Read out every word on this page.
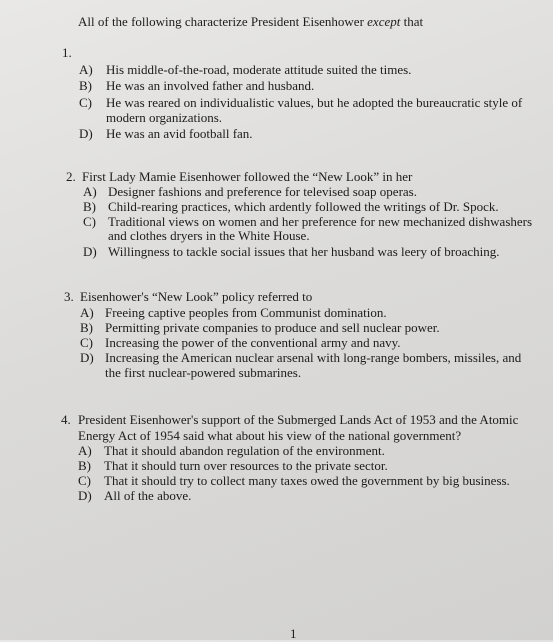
All of the following characterize President Eisenhower except that
1.
A) His middle-of-the-road, moderate attitude suited the times.
B) He was an involved father and husband.
C) He was reared on individualistic values, but he adopted the bureaucratic style of
modern organizations.
D) He was an avid football fan.
2. First Lady Mamie Eisenhower followed the “New Look” in her
A) Designer fashions and preference for televised soap operas.
B) Child-rearing practices, which ardently followed the writings of Dr. Spock.
C) Traditional views on women and her preference for new mechanized dishwashers
and clothes dryers in the White House.
D) Willingness to tackle social issues that her husband was leery of broaching.
3. Eisenhower's “New Look” policy referred to
A) Freeing captive peoples from Communist domination.
B) Permitting private companies to produce and sell nuclear power.
C) Increasing the power of the conventional army and navy.
D) Increasing the American nuclear arsenal with long-range bombers, missiles, and
the first nuclear-powered submarines.
4. President Eisenhower's support of the Submerged Lands Act of 1953 and the Atomic
Energy Act of 1954 said what about his view of the national government?
A) That it should abandon regulation of the environment.
B) That it should turn over resources to the private sector.
C) That it should try to collect many taxes owed the government by big business.
D) All of the above.
1
